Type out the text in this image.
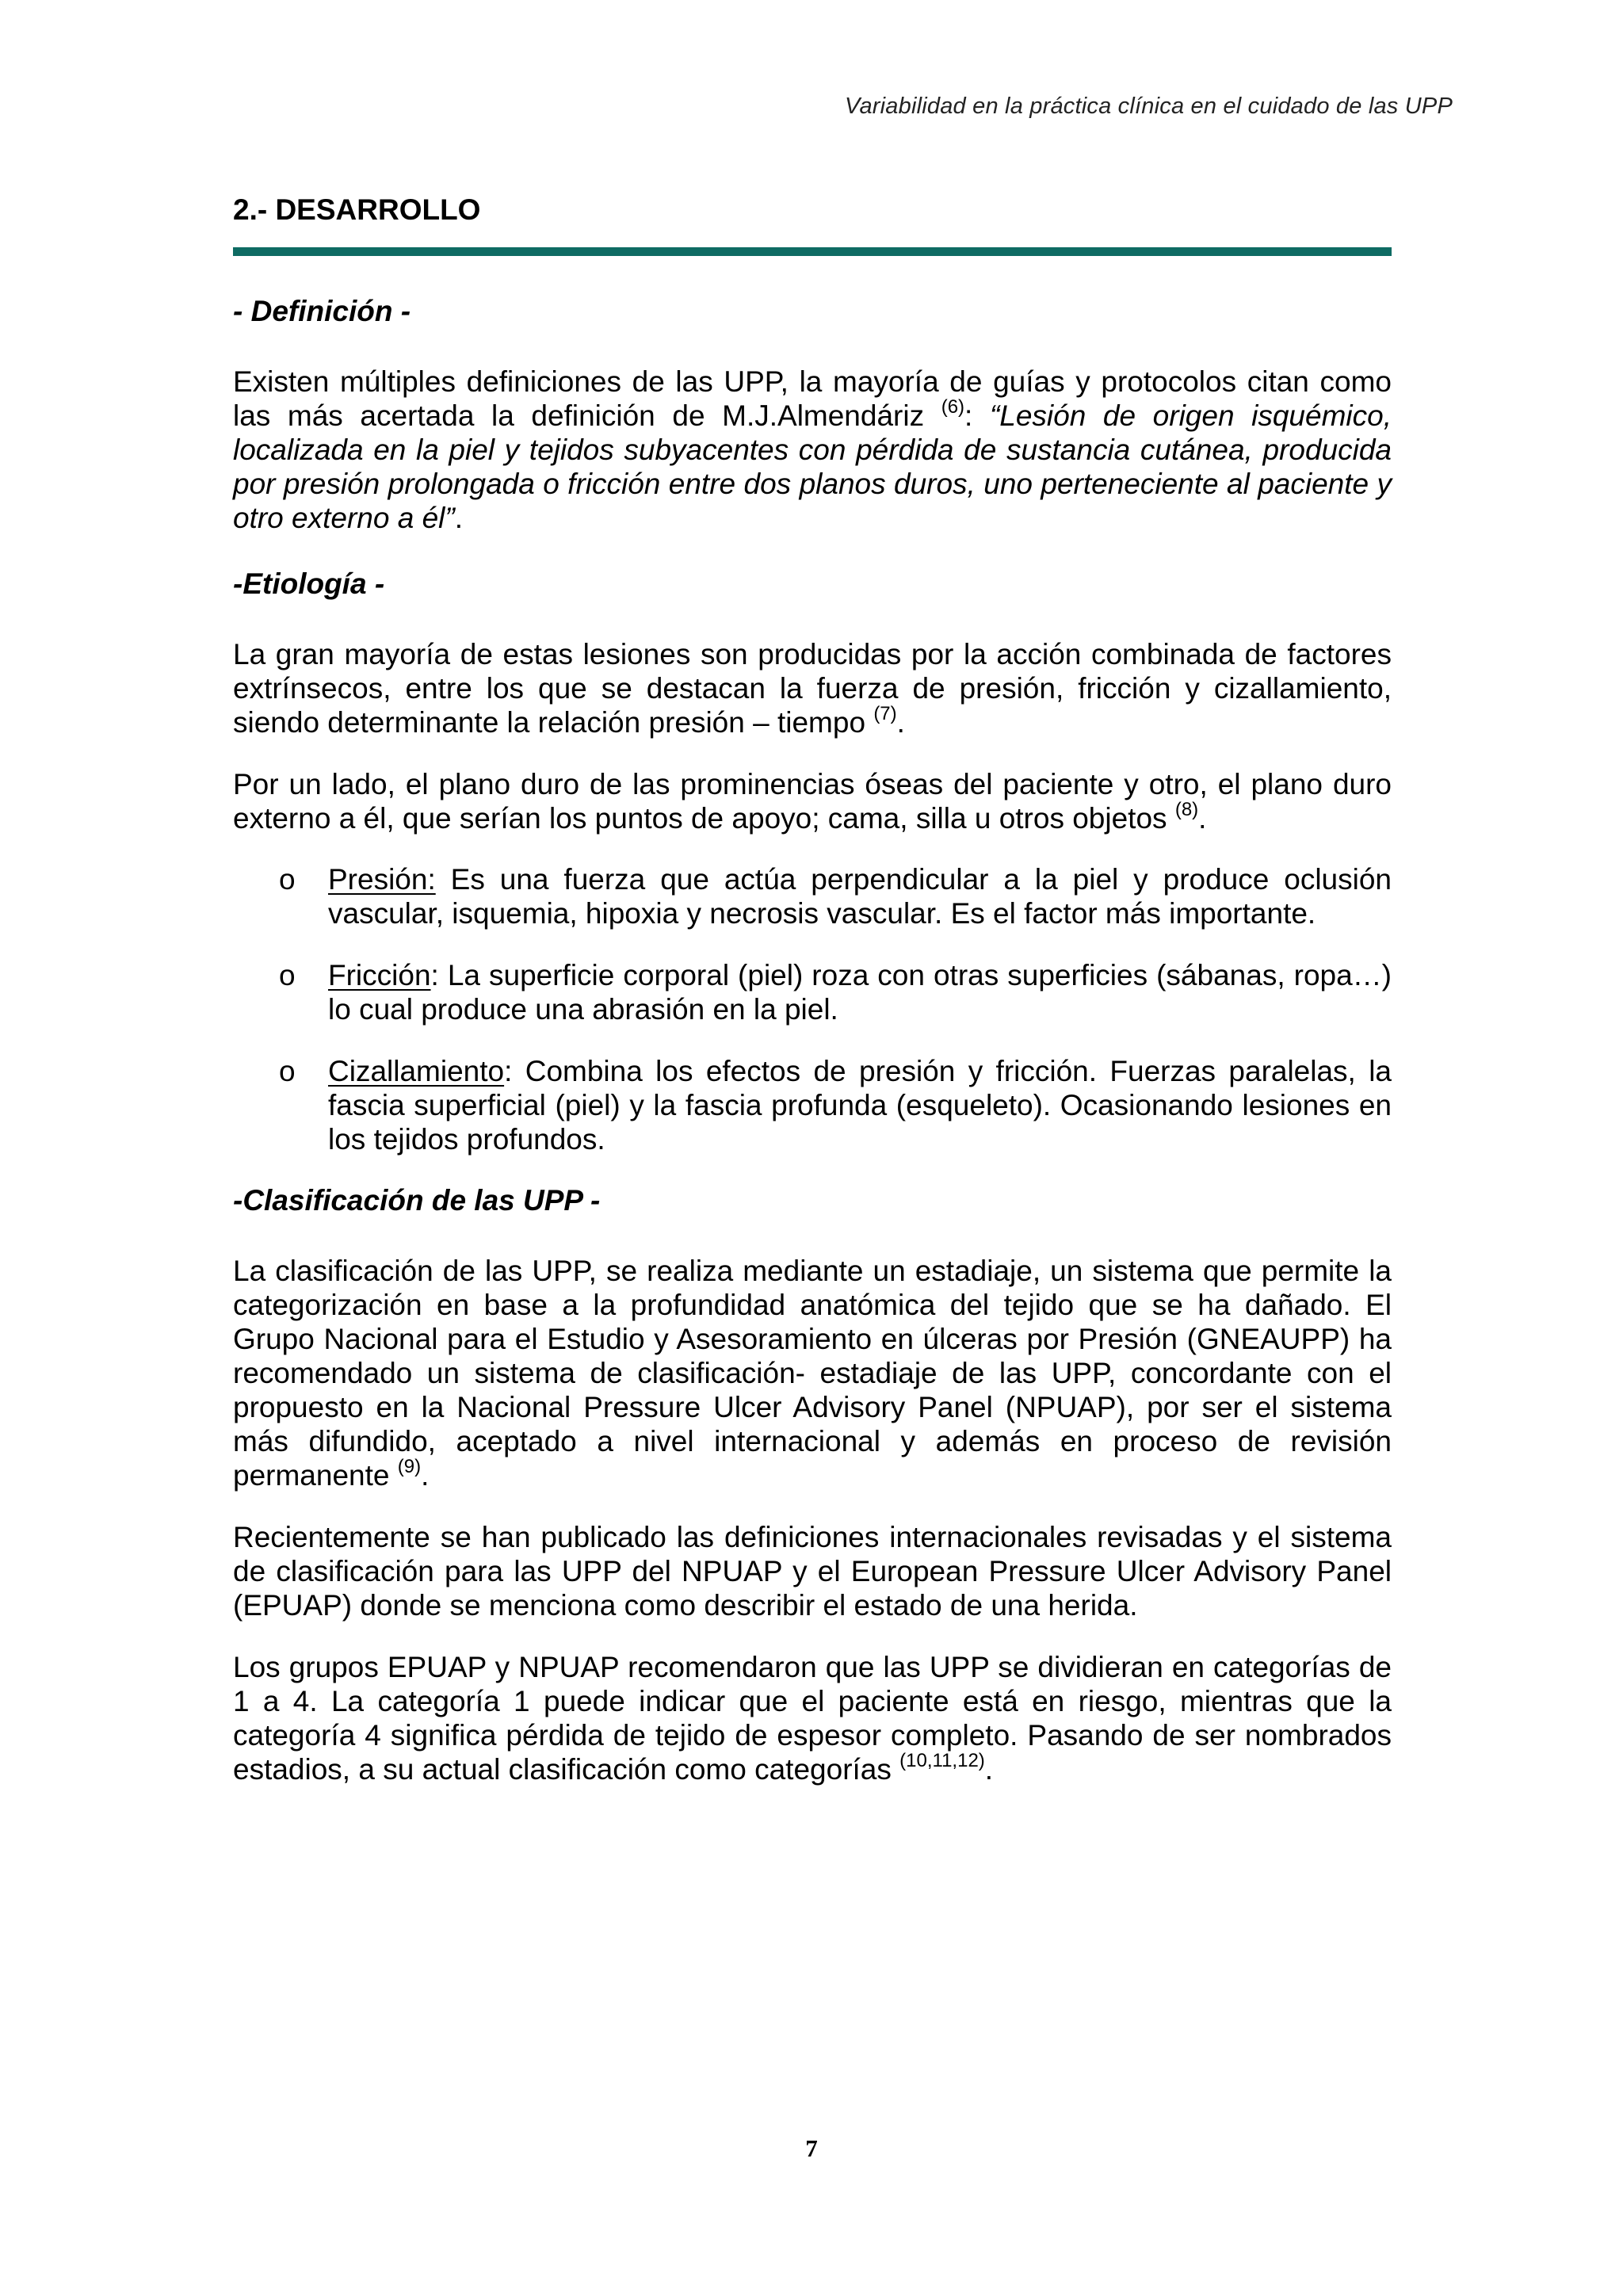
Variabilidad en la práctica clínica en el cuidado de las UPP
2.- DESARROLLO
- Definición -

Existen múltiples definiciones de las UPP, la mayoría de guías y protocolos citan como las más acertada la definición de M.J.Almendáriz $^{(6)}$: “Lesión de origen isquémico, localizada en la piel y tejidos subyacentes con pérdida de sustancia cutánea, producida por presión prolongada o fricción entre dos planos duros, uno perteneciente al paciente y otro externo a él”.

-Etiología -

La gran mayoría de estas lesiones son producidas por la acción combinada de factores extrínsecos, entre los que se destacan la fuerza de presión, fricción y cizallamiento, siendo determinante la relación presión – tiempo $^{(7)}$.

Por un lado, el plano duro de las prominencias óseas del paciente y otro, el plano duro externo a él, que serían los puntos de apoyo; cama, silla u otros objetos $^{(8)}$.

o Presión: Es una fuerza que actúa perpendicular a la piel y produce oclusión vascular, isquemia, hipoxia y necrosis vascular. Es el factor más importante.
o Fricción: La superficie corporal (piel) roza con otras superficies (sábanas, ropa…) lo cual produce una abrasión en la piel.
o Cizallamiento: Combina los efectos de presión y fricción. Fuerzas paralelas, la fascia superficial (piel) y la fascia profunda (esqueleto). Ocasionando lesiones en los tejidos profundos.
-Clasificación de las UPP -

La clasificación de las UPP, se realiza mediante un estadiaje, un sistema que permite la categorización en base a la profundidad anatómica del tejido que se ha dañado. El Grupo Nacional para el Estudio y Asesoramiento en úlceras por Presión (GNEAUPP) ha recomendado un sistema de clasificación- estadiaje de las UPP, concordante con el propuesto en la Nacional Pressure Ulcer Advisory Panel (NPUAP), por ser el sistema más difundido, aceptado a nivel internacional y además en proceso de revisión permanente $^{(9)}$.

Recientemente se han publicado las definiciones internacionales revisadas y el sistema de clasificación para las UPP del NPUAP y el European Pressure Ulcer Advisory Panel (EPUAP) donde se menciona como describir el estado de una herida.

Los grupos EPUAP y NPUAP recomendaron que las UPP se dividieran en categorías de 1 a 4. La categoría 1 puede indicar que el paciente está en riesgo, mientras que la categoría 4 significa pérdida de tejido de espesor completo. Pasando de ser nombrados estadios, a su actual clasificación como categorías $^{(10,11,12)}$.

7
